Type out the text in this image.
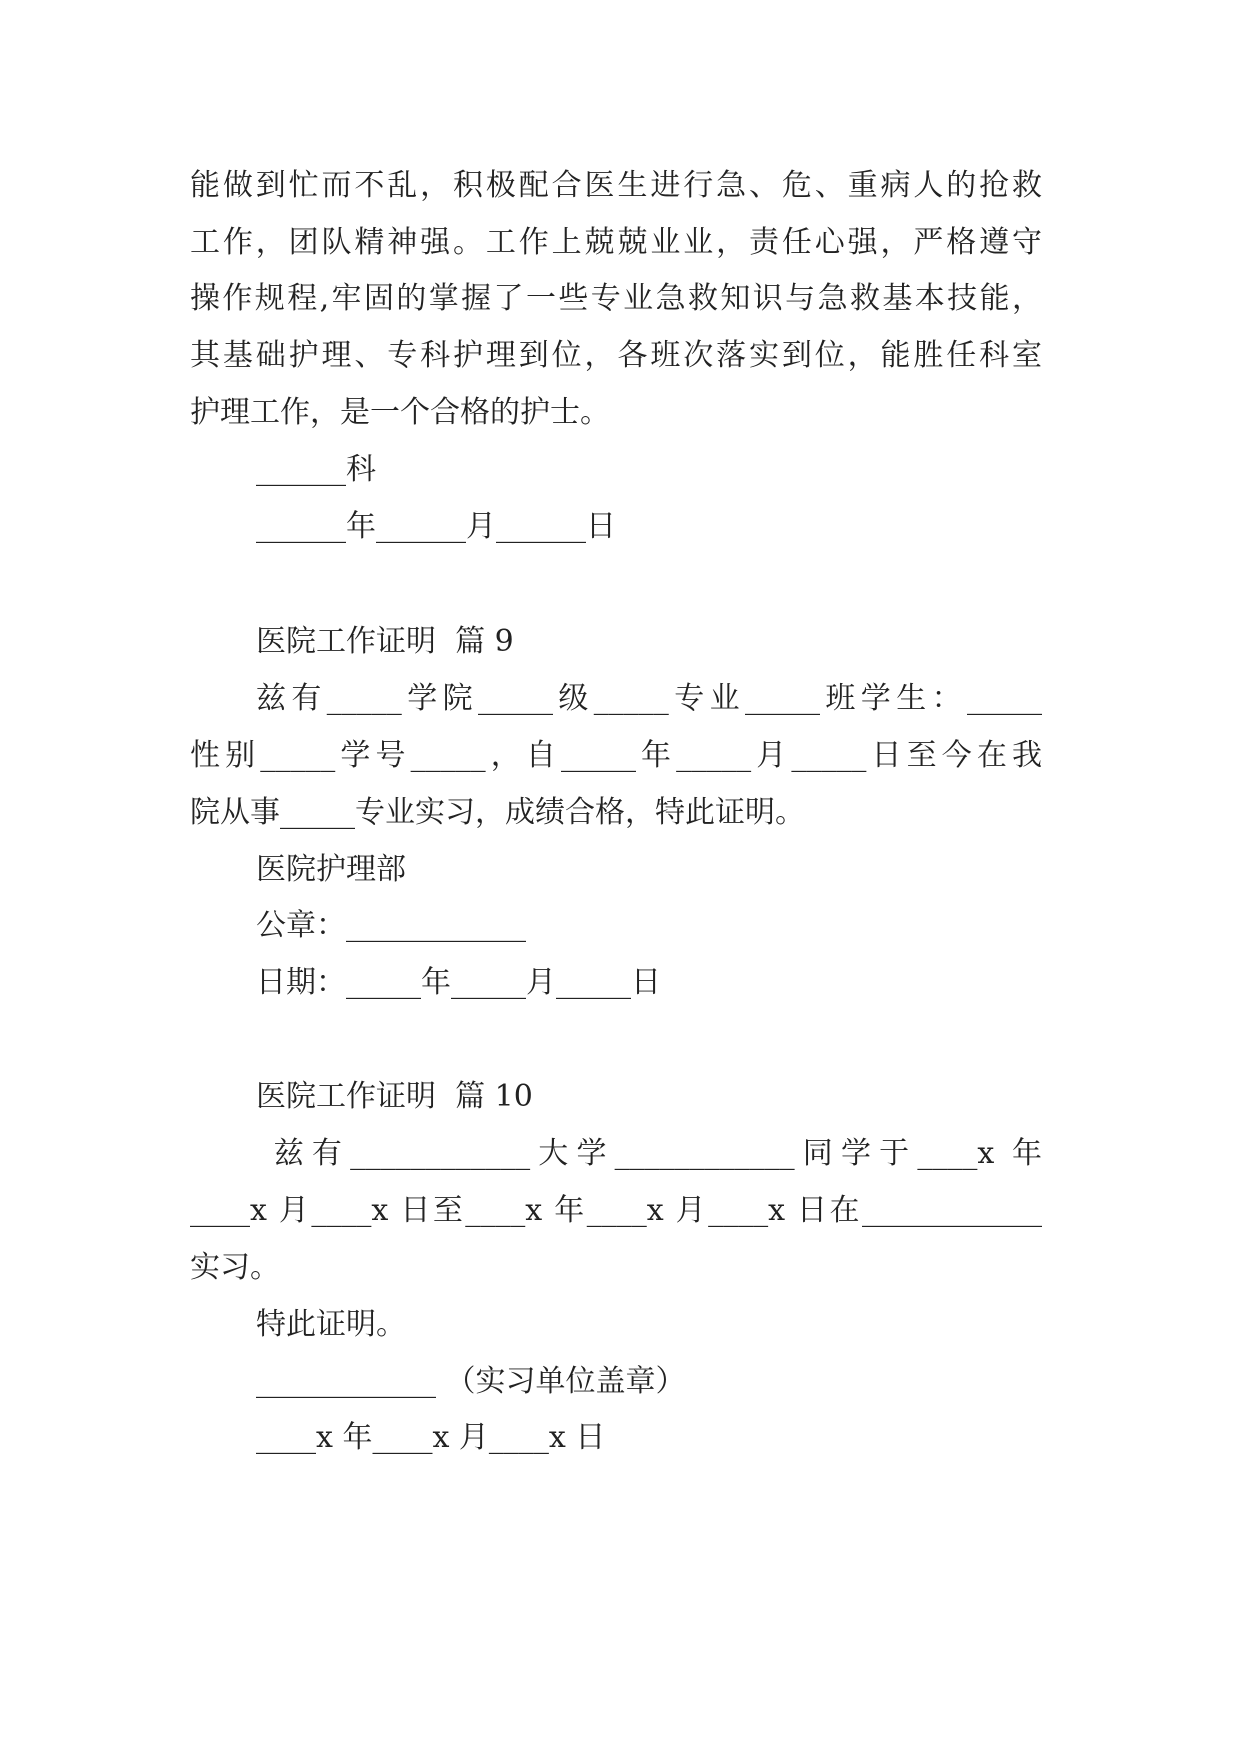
能做到忙而不乱，积极配合医生进行急、危、重病人的抢救
工作，团队精神强。工作上兢兢业业，责任心强，严格遵守
操作规程,牢固的掌握了一些专业急救知识与急救基本技能，
其基础护理、专科护理到位，各班次落实到位，能胜任科室
护理工作，是一个合格的护士。
______科
______年______月______日
医院工作证明  篇 9
兹有_____学院_____级_____专业_____班学生：_____
性别_____学号_____，自_____年_____月_____日至今在我
院从事_____专业实习，成绩合格，特此证明。
医院护理部
公章：____________
日期：_____年_____月_____日
医院工作证明  篇 10
兹有____________大学____________同学于____x 年
____x 月____x 日至____x 年____x 月____x 日在____________
实习。
特此证明。
____________ （实习单位盖章）
____x 年____x 月____x 日
